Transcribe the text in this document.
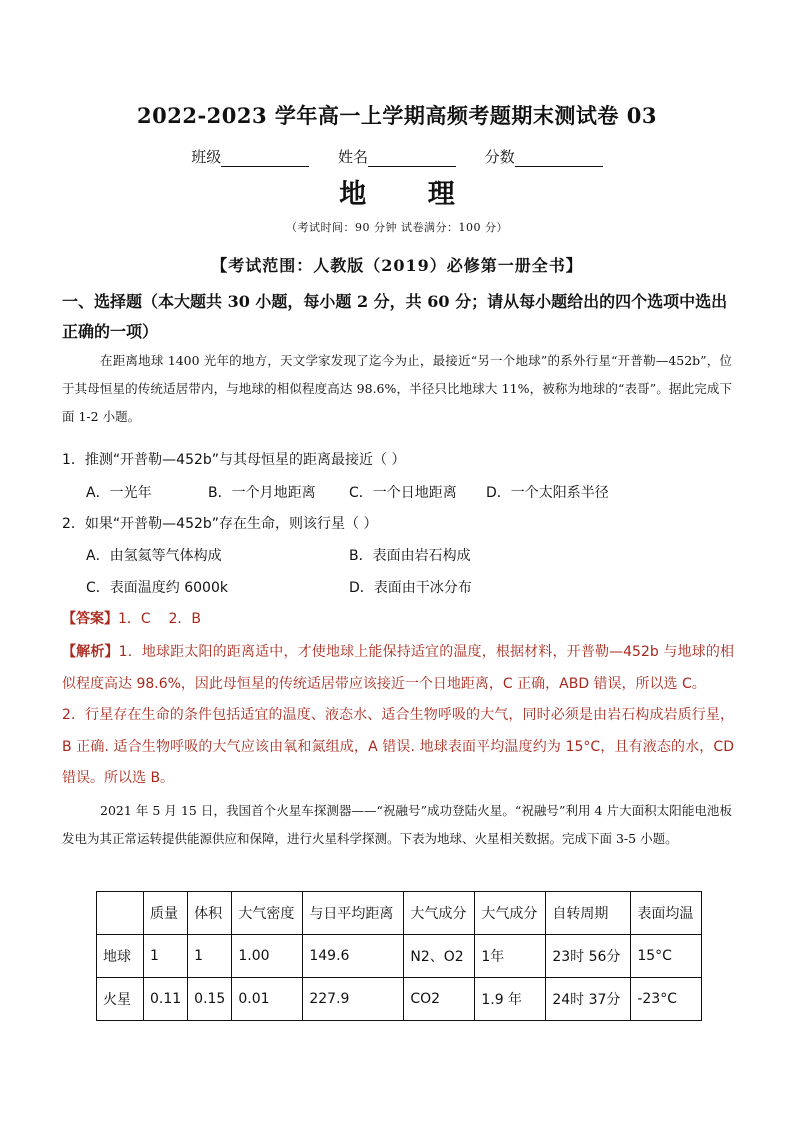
2022-2023 学年高一上学期高频考题期末测试卷 03
班级	姓名	分数
地 理
（考试时间：90 分钟 试卷满分：100 分）
【考试范围：人教版（2019）必修第一册全书】
一、选择题（本大题共 30 小题，每小题 2 分，共 60 分；请从每小题给出的四个选项中选出正确的一项）
在距离地球 1400 光年的地方，天文学家发现了迄今为止，最接近“另一个地球”的系外行星“开普勒—452b”，位于其母恒星的传统适居带内，与地球的相似程度高达 98.6%，半径只比地球大 11%，被称为地球的“表哥”。据此完成下面 1-2 小题。
1．推测“开普勒—452b”与其母恒星的距离最接近（ ）
A．一光年	B．一个月地距离 C．一个日地距离 D．一个太阳系半径
2．如果“开普勒—452b”存在生命，则该行星（ ）
A．由氢氦等气体构成	B．表面由岩石构成
C．表面温度约 6000k	D．表面由干冰分布
【答案】1．C    2．B

【解析】1．地球距太阳的距离适中，才使地球上能保持适宜的温度，根据材料，开普勒—452b 与地球的相似程度高达 98.6%，因此母恒星的传统适居带应该接近一个日地距离，C 正确，ABD 错误，所以选 C。

2．行星存在生命的条件包括适宜的温度、液态水、适合生物呼吸的大气，同时必须是由岩石构成岩质行星，B 正确. 适合生物呼吸的大气应该由氧和氮组成，A 错误. 地球表面平均温度约为 15°C，且有液态的水，CD 错误。所以选 B。

2021 年 5 月 15 日，我国首个火星车探测器——“祝融号”成功登陆火星。“祝融号”利用 4 片大面积太阳能电池板发电为其正常运转提供能源供应和保障，进行火星科学探测。下表为地球、火星相关数据。完成下面 3-5 小题。
	质量	体积	大气密度	与日平均距离	大气成分	大气成分	自转周期	表面均温
地球	1	1	1.00	149.6	N2、O2	1年	23时 56分	15°C
火星	0.11	0.15	0.01	227.9	CO2	1.9 年	24时 37分	-23°C
